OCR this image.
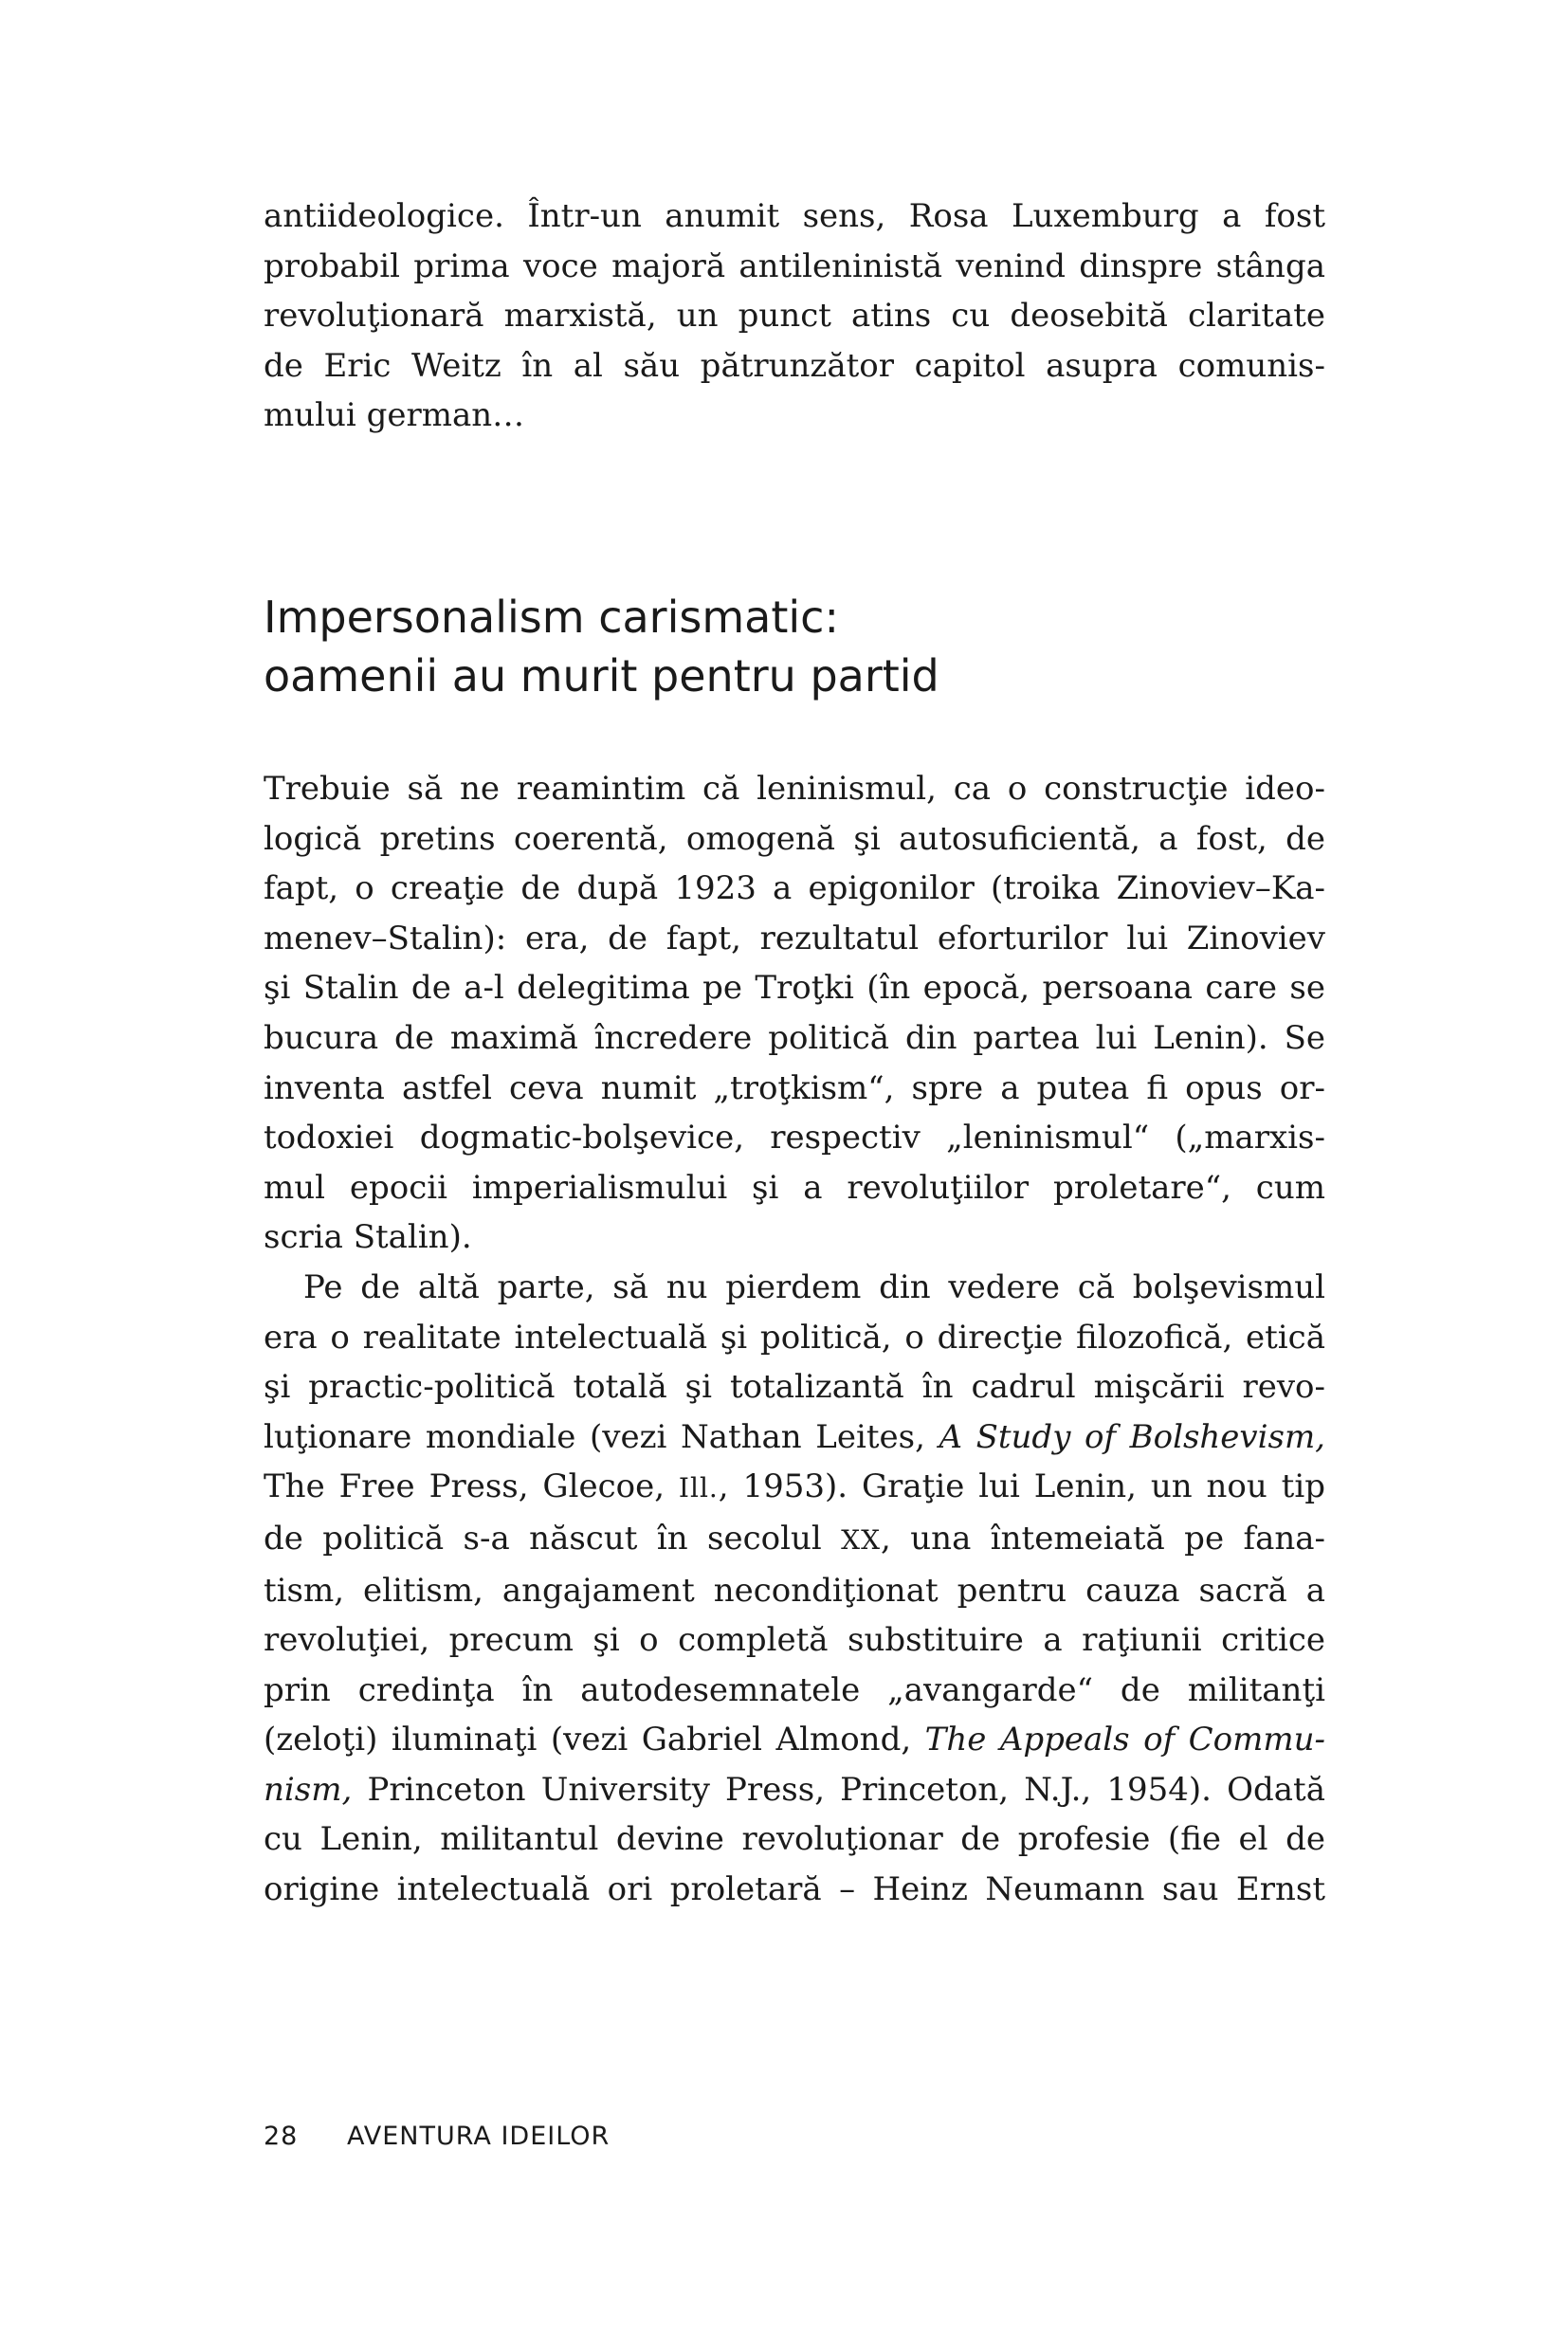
antiideologice. Într-un anumit sens, Rosa Luxemburg a fost
probabil prima voce majoră antileninistă venind dinspre stânga
revoluţionară marxistă, un punct atins cu deosebită claritate
de Eric Weitz în al său pătrunzător capitol asupra comunis-
mului german…
Impersonalism carismatic:
oamenii au murit pentru partid
Trebuie să ne reamintim că leninismul, ca o construcţie ideo-
logică pretins coerentă, omogenă şi autosuficientă, a fost, de
fapt, o creaţie de după 1923 a epigonilor (troika Zinoviev–Ka-
menev–Stalin): era, de fapt, rezultatul eforturilor lui Zinoviev
şi Stalin de a-l delegitima pe Troţki (în epocă, persoana care se
bucura de maximă încredere politică din partea lui Lenin). Se
inventa astfel ceva numit „troţkism“, spre a putea fi opus or-
todoxiei dogmatic-bolşevice, respectiv „leninismul“ („marxis-
mul epocii imperialismului şi a revoluţiilor proletare“, cum
scria Stalin).
Pe de altă parte, să nu pierdem din vedere că bolşevismul
era o realitate intelectuală şi politică, o direcţie filozofică, etică
şi practic-politică totală şi totalizantă în cadrul mişcării revo-
luţionare mondiale (vezi Nathan Leites, A Study of Bolshevism,
The Free Press, Glecoe, Ill., 1953). Graţie lui Lenin, un nou tip
de politică s-a născut în secolul XX, una întemeiată pe fana-
tism, elitism, angajament necondiţionat pentru cauza sacră a
revoluţiei, precum şi o completă substituire a raţiunii critice
prin credinţa în autodesemnatele „avangarde“ de militanţi
(zeloţi) iluminaţi (vezi Gabriel Almond, The Appeals of Commu-
nism, Princeton University Press, Princeton, N.J., 1954). Odată
cu Lenin, militantul devine revoluţionar de profesie (fie el de
origine intelectuală ori proletară – Heinz Neumann sau Ernst
28 AVENTURA IDEILOR
